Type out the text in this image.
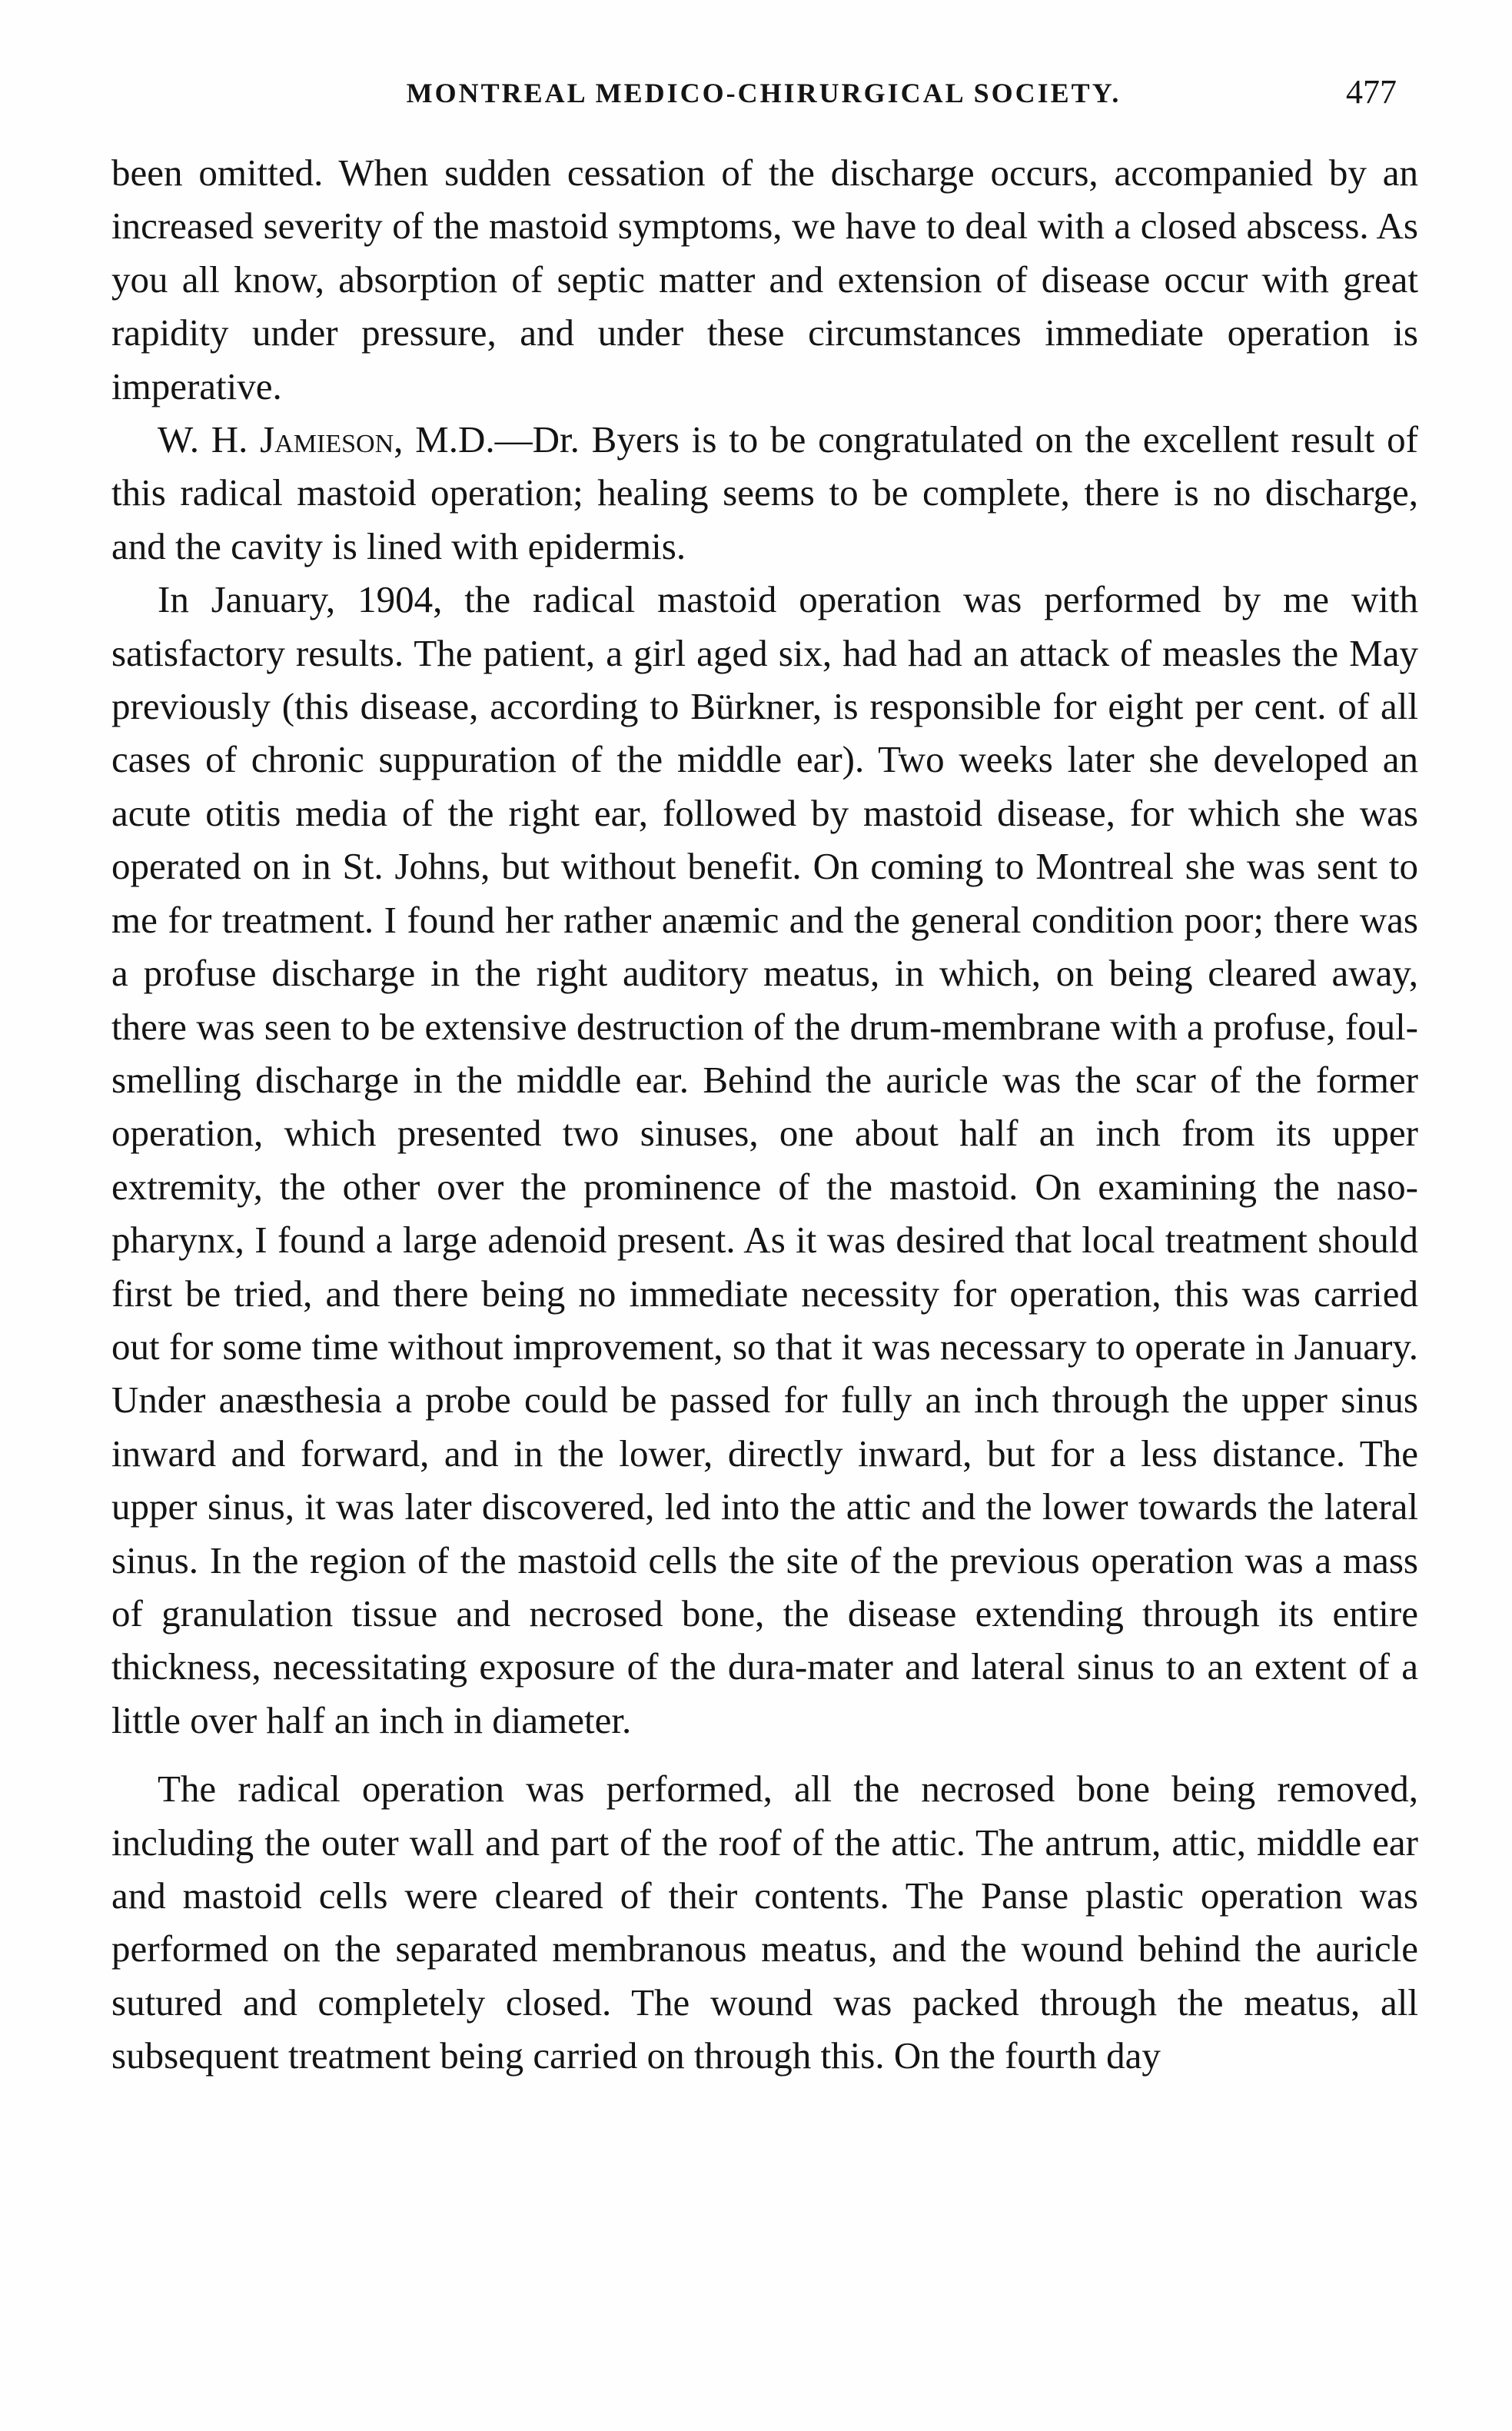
MONTREAL MEDICO-CHIRURGICAL SOCIETY.	477

been omitted. When sudden cessation of the discharge occurs, accompanied by an increased severity of the mastoid symptoms, we have to deal with a closed abscess. As you all know, absorption of septic matter and extension of disease occur with great rapidity under pressure, and under these circumstances immediate operation is imperative.

W. H. Jamieson, M.D.—Dr. Byers is to be congratulated on the excellent result of this radical mastoid operation; healing seems to be complete, there is no discharge, and the cavity is lined with epidermis.

In January, 1904, the radical mastoid operation was performed by me with satisfactory results. The patient, a girl aged six, had had an attack of measles the May previously (this disease, according to Bürkner, is responsible for eight per cent. of all cases of chronic suppuration of the middle ear). Two weeks later she developed an acute otitis media of the right ear, followed by mastoid disease, for which she was operated on in St. Johns, but without benefit. On coming to Montreal she was sent to me for treatment. I found her rather anæmic and the general condition poor; there was a profuse discharge in the right auditory meatus, in which, on being cleared away, there was seen to be extensive destruction of the drum-membrane with a profuse, foul-smelling discharge in the middle ear. Behind the auricle was the scar of the former operation, which presented two sinuses, one about half an inch from its upper extremity, the other over the prominence of the mastoid. On examining the naso-pharynx, I found a large adenoid present. As it was desired that local treatment should first be tried, and there being no immediate necessity for operation, this was carried out for some time without improvement, so that it was necessary to operate in January. Under anæsthesia a probe could be passed for fully an inch through the upper sinus inward and forward, and in the lower, directly inward, but for a less distance. The upper sinus, it was later discovered, led into the attic and the lower towards the lateral sinus. In the region of the mastoid cells the site of the previous operation was a mass of granulation tissue and necrosed bone, the disease extending through its entire thickness, necessitating exposure of the dura-mater and lateral sinus to an extent of a little over half an inch in diameter.

The radical operation was performed, all the necrosed bone being removed, including the outer wall and part of the roof of the attic. The antrum, attic, middle ear and mastoid cells were cleared of their contents. The Panse plastic operation was performed on the separated membranous meatus, and the wound behind the auricle sutured and completely closed. The wound was packed through the meatus, all subsequent treatment being carried on through this. On the fourth day
